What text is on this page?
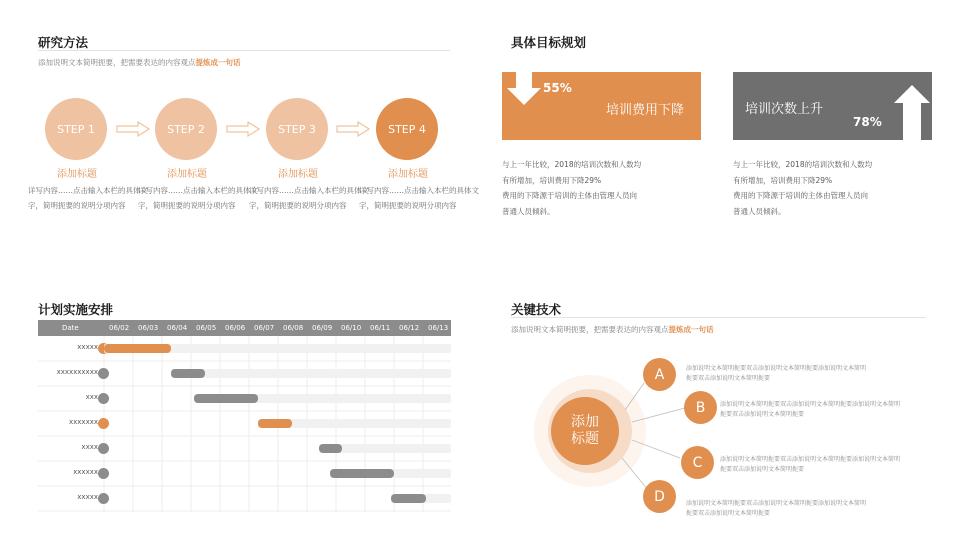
研究方法
添加说明文本简明扼要，把需要表达的内容观点提炼成一句话
STEP 1	STEP 2	STEP 3	STEP 4
添加标题	添加标题	添加标题	添加标题
详写内容……点击输入本栏的具体文字，简明扼要的说明分项内容
详写内容……点击输入本栏的具体文字，简明扼要的说明分项内容
详写内容……点击输入本栏的具体文字，简明扼要的说明分项内容
详写内容……点击输入本栏的具体文字，简明扼要的说明分项内容
具体目标规划
55%
培训费用下降	培训次数上升
78%
与上一年比较，2018的培训次数和人数均
有所增加，培训费用下降29%
费用的下降源于培训的主体由管理人员向
普通人员倾斜。
与上一年比较，2018的培训次数和人数均
有所增加，培训费用下降29%
费用的下降源于培训的主体由管理人员向
普通人员倾斜。
计划实施安排
Date	06/02 06/03 06/04 06/05 06/06 06/07 06/08 06/09 06/10 06/11 06/12 06/13
xxxxx
xxxxxxxxxx
xxx
xxxxxxx
xxxx
xxxxxx
xxxxx
关键技术
添加说明文本简明扼要，把需要表达的内容观点提炼成一句话
添加
标题
A
B
C
D
添加说明文本简明扼要双击添加说明文本简明扼要添加说明文本简明
扼要双击添加说明文本简明扼要
添加说明文本简明扼要双击添加说明文本简明扼要添加说明文本简明
扼要双击添加说明文本简明扼要
添加说明文本简明扼要双击添加说明文本简明扼要添加说明文本简明
扼要双击添加说明文本简明扼要
添加说明文本简明扼要双击添加说明文本简明扼要添加说明文本简明
扼要双击添加说明文本简明扼要
